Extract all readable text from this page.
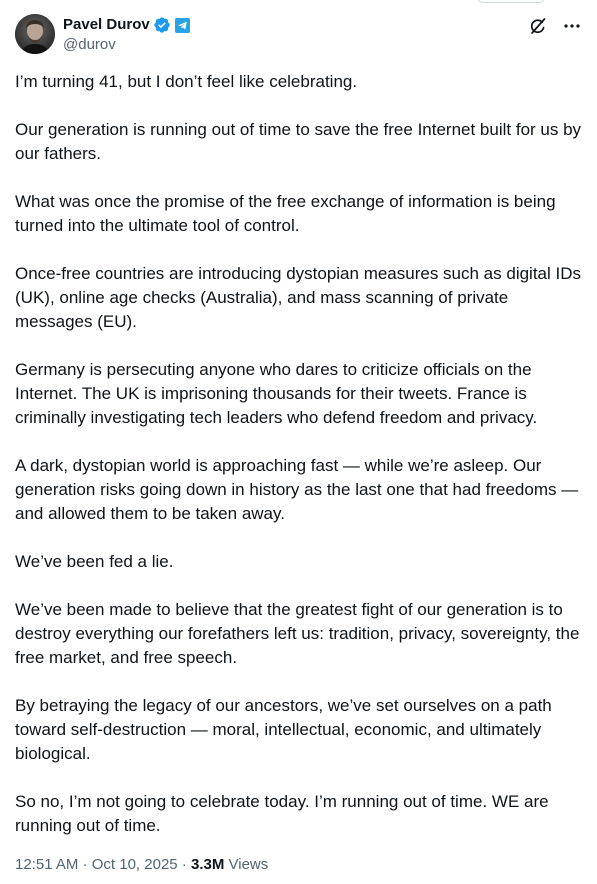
Pavel Durov
@durov

I’m turning 41, but I don’t feel like celebrating.

Our generation is running out of time to save the free Internet built for us by our fathers.

What was once the promise of the free exchange of information is being turned into the ultimate tool of control.

Once-free countries are introducing dystopian measures such as digital IDs (UK), online age checks (Australia), and mass scanning of private messages (EU).

Germany is persecuting anyone who dares to criticize officials on the Internet. The UK is imprisoning thousands for their tweets. France is criminally investigating tech leaders who defend freedom and privacy.

A dark, dystopian world is approaching fast — while we’re asleep. Our generation risks going down in history as the last one that had freedoms — and allowed them to be taken away.

We’ve been fed a lie.

We’ve been made to believe that the greatest fight of our generation is to destroy everything our forefathers left us: tradition, privacy, sovereignty, the free market, and free speech.

By betraying the legacy of our ancestors, we’ve set ourselves on a path toward self-destruction — moral, intellectual, economic, and ultimately biological.

So no, I’m not going to celebrate today. I’m running out of time. WE are running out of time.

12:51 AM · Oct 10, 2025 · 3.3M Views
